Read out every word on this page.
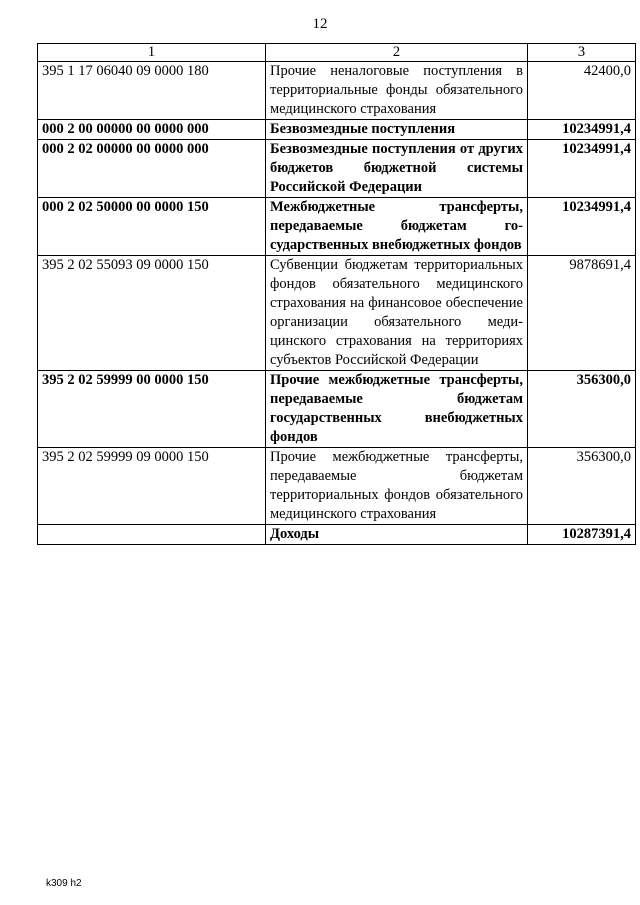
12
1	2	3
395 1 17 06040 09 0000 180	Прочие неналоговые поступления в территориальные фонды обязательного медицинского страхования	42400,0
000 2 00 00000 00 0000 000	Безвозмездные поступления	10234991,4
000 2 02 00000 00 0000 000	Безвозмездные поступления от других бюджетов бюджетной системы Российской Федерации	10234991,4
000 2 02 50000 00 0000 150	Межбюджетные трансферты, передаваемые бюджетам государственных внебюджетных фондов	10234991,4
395 2 02 55093 09 0000 150	Субвенции бюджетам территориальных фондов обязательного медицинского страхования на финансовое обеспечение организации обязательного медицинского страхования на территориях субъектов Российской Федерации	9878691,4
395 2 02 59999 00 0000 150	Прочие межбюджетные трансферты, передаваемые бюджетам государственных внебюджетных фондов	356300,0
395 2 02 59999 09 0000 150	Прочие межбюджетные трансферты, передаваемые бюджетам территориальных фондов обязательного медицинского страхования	356300,0
	Доходы	10287391,4
k309 h2
